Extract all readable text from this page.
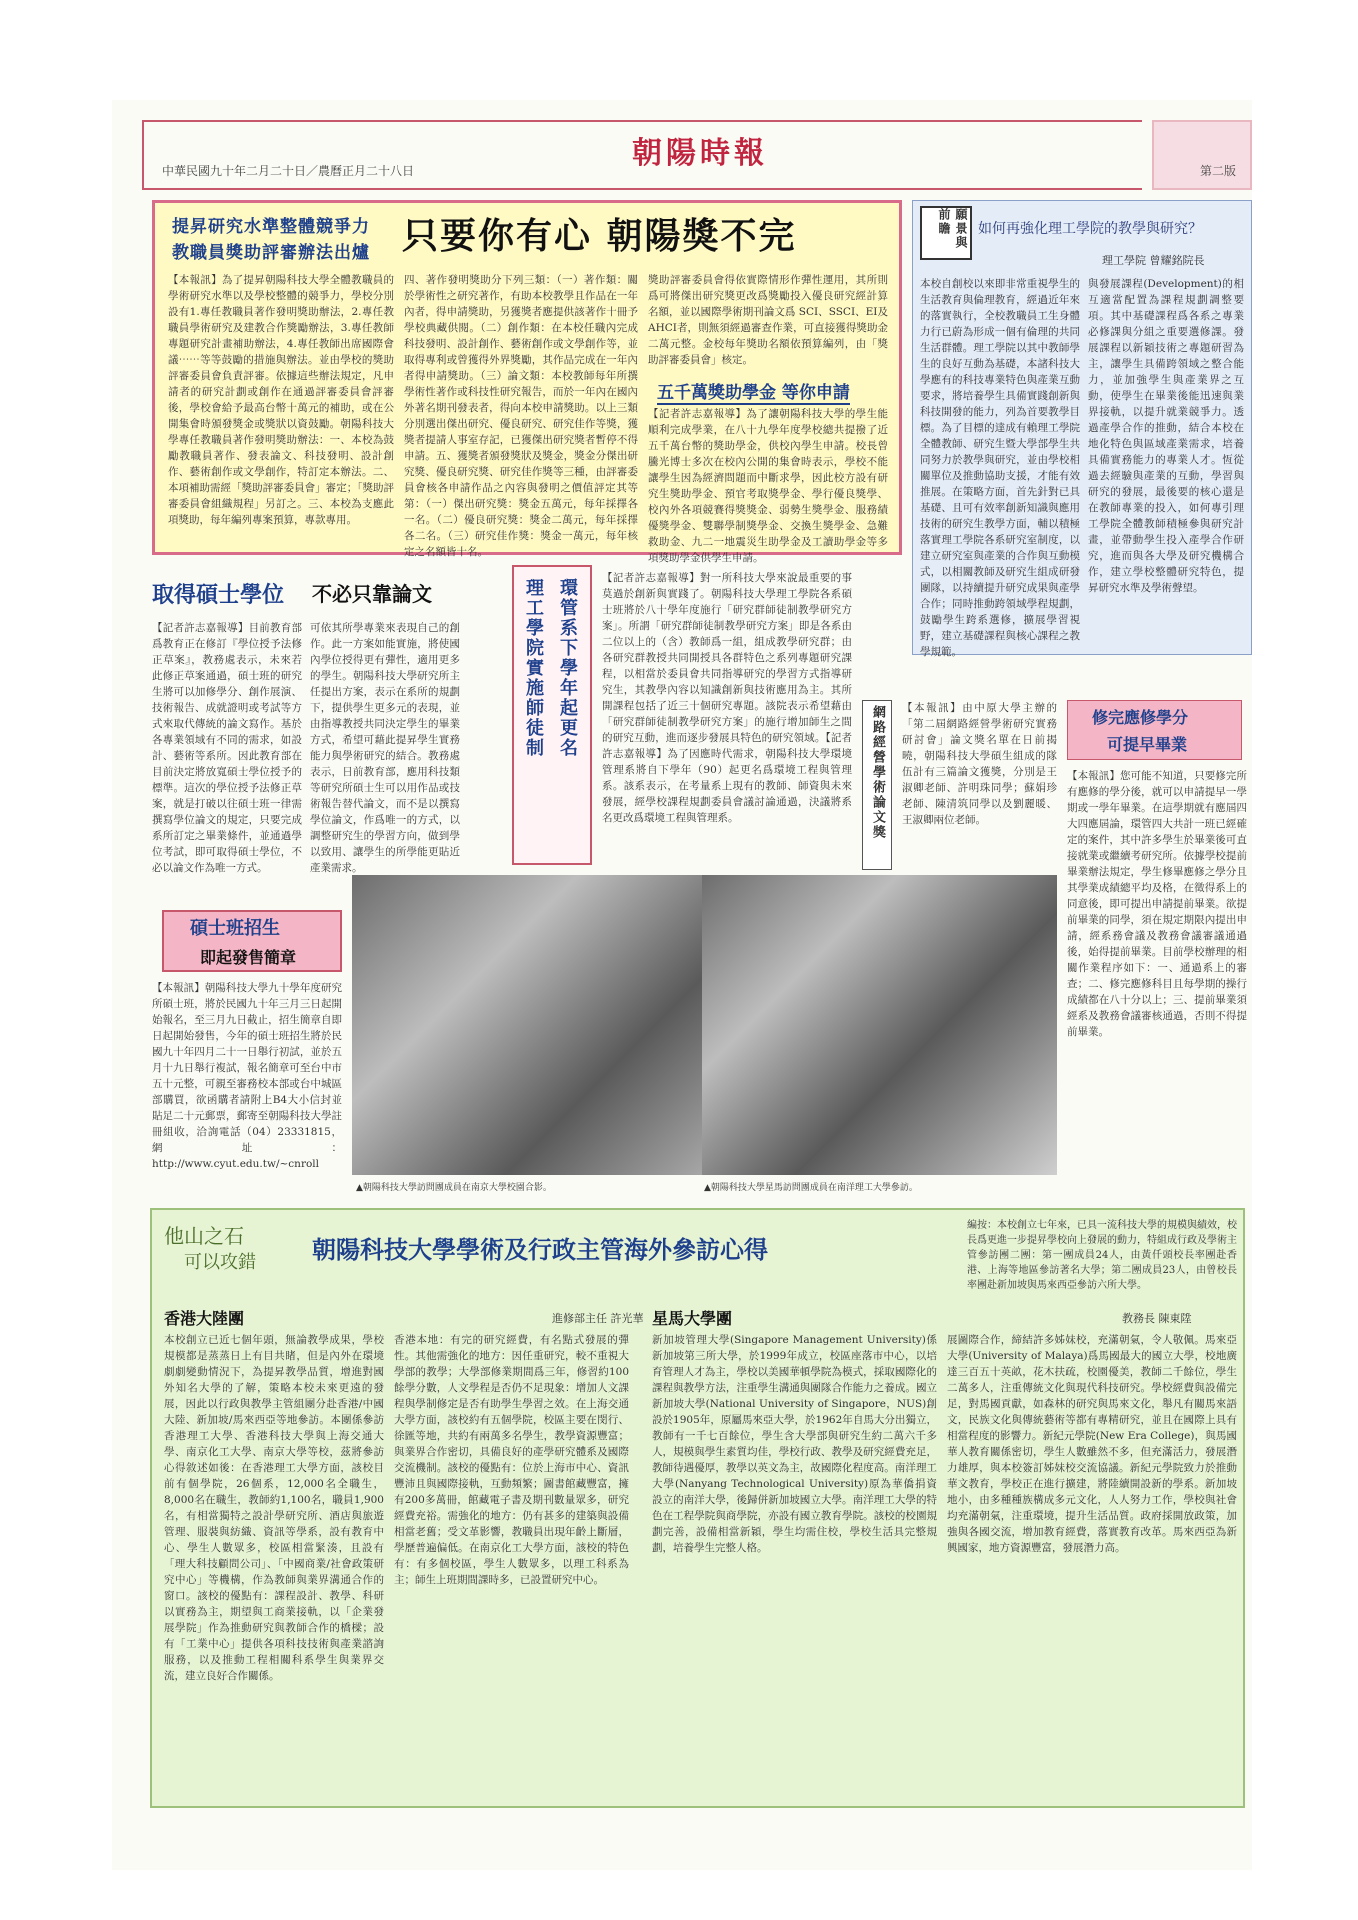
朝陽時報
中華民國九十年二月二十日／農曆正月二十八日	第二版
提昇研究水準整體競爭力
教職員獎助評審辦法出爐 只要你有心 朝陽獎不完
【本報訊】為了提昇朝陽科技大學全體教職員的學術研究水準以及學校整體的競爭力，學校分別設有1.專任教職員著作發明獎助辦法，2.專任教職員學術研究及建教合作獎勵辦法，3.專任教師專題研究計畫補助辦法，4.專任教師出席國際會議⋯⋯等等鼓勵的措施與辦法。並由學校的獎助評審委員會負責評審。依據這些辦法規定，凡申請者的研究計劃或創作在通過評審委員會評審後，學校會給予最高台幣十萬元的補助，或在公開集會時頒發獎金或獎狀以資鼓勵。朝陽科技大學專任教職員著作發明獎助辦法：一、本校為鼓勵教職員著作、發表論文、科技發明、設計創作、藝術創作或文學創作，特訂定本辦法。二、本項補助需經「獎助評審委員會」審定；「獎助評審委員會組織規程」另訂之。三、本校為支應此項獎助，每年編列專案預算，專款專用。
四、著作發明獎助分下列三類：（一）著作類：關於學術性之研究著作，有助本校教學且作品在一年內者，得申請獎助，另獲獎者應提供該著作十冊予學校典藏供閱。（二）創作類：在本校任職內完成科技發明、設計創作、藝術創作或文學創作等，並取得專利或曾獲得外界獎勵，其作品完成在一年內者得申請獎助。（三）論文類：本校教師每年所撰學術性著作或科技性研究報告，而於一年內在國內外著名期刊發表者，得向本校申請獎助。以上三類分別選出傑出研究、優良研究、研究佳作等獎，獲獎者提請人事室存記，已獲傑出研究獎者暫停不得申請。五、獲獎者頒發獎狀及獎金，獎金分傑出研究獎、優良研究獎、研究佳作獎等三種，由評審委員會核各申請作品之內容與發明之價值評定其等第：（一）傑出研究獎：獎金五萬元，每年採擇各一名。（二）優良研究獎：獎金二萬元，每年採擇各二名。（三）研究佳作獎：獎金一萬元，每年核定之名額皆十名。
獎助評審委員會得依實際情形作彈性運用，其所則爲可將傑出研究獎更改爲獎勵投入優良研究經計算名額，並以國際學術期刊論文爲 SCI、SSCI、EI及AHCI者，則無須經過審查作業，可直接獲得獎助金二萬元整。金校每年獎助名額依預算編列，由「獎助評審委員會」核定。
五千萬獎助學金 等你申請
【記者許志嘉報導】為了讓朝陽科技大學的學生能順利完成學業，在八十九學年度學校總共提撥了近五千萬台幣的獎助學金，供校內學生申請。校長曾騰光博士多次在校內公開的集會時表示，學校不能讓學生因為經濟問題而中斷求學，因此校方設有研究生獎助學金、預官考取獎學金、學行優良獎學、校內外各項競賽得獎獎金、弱勢生獎學金、服務績優獎學金、雙聯學制獎學金、交換生獎學金、急難救助金、九二一地震災生助學金及工讀助學金等多項獎助學金供學生申請。
願景與前瞻	如何再強化理工學院的教學與研究？
理工學院 曾耀銘院長
本校自創校以來即非常重視學生的生活教育與倫理教育，經過近年來的落實執行，全校教職員工生身體力行已蔚為形成一個有倫理的共同生活群體。理工學院以其中教師學生的良好互動為基礎，本諸科技大學應有的科技專業特色與產業互動要求，將培養學生具備實踐創新與科技開發的能力，列為首要教學目標。為了目標的達成有賴理工學院全體教師、研究生暨大學部學生共同努力於教學與研究，並由學校相關單位及推動協助支援，才能有效推展。在策略方面，首先針對已具基礎、且可有效率創新知識與應用技術的研究生教學方面，輔以積極落實理工學院各系研究室制度，以建立研究室與產業的合作與互動模式，以相關教師及研究生組成研發團隊，以持續提升研究成果與產學合作；同時推動跨領域學程規劃，鼓勵學生跨系選修，擴展學習視野，建立基礎課程與核心課程之教學規範。
與發展課程(Development)的相互適當配置為課程規劃調整要項。其中基礎課程爲各系之專業必修課與分組之重要選修課。發展課程以新穎技術之專題研習為主，讓學生具備跨領域之整合能力，並加強學生與產業界之互動，使學生在畢業後能迅速與業界接軌，以提升就業競爭力。透過產學合作的推動，結合本校在地化特色與區域產業需求，培養具備實務能力的專業人才。恆從過去經驗與產業的互動，學習與研究的發展，最後要的核心還是在教師專業的投入，如何專引理工學院全體教師積極參與研究計畫，並帶動學生投入產學合作研究，進而與各大學及研究機構合作，建立學校整體研究特色，提昇研究水準及學術聲望。
取得碩士學位 不必只靠論文
【記者許志嘉報導】目前教育部爲教育正在修訂『學位授予法修正草案』，教務處表示，未來若此修正草案通過，碩士班的研究生將可以加修學分、創作展演、技術報告、成就證明或考試等方式來取代傳統的論文寫作。基於各專業領域有不同的需求，如設計、藝術等系所。因此教育部在目前決定將放寬碩士學位授予的標準。這次的學位授予法修正草案，就是打破以往碩士班一律需撰寫學位論文的規定，只要完成系所訂定之畢業條件，並通過學位考試，即可取得碩士學位，不必以論文作為唯一方式。
可依其所學專業來表現自己的創作。此一方案如能實施，將使國內學位授得更有彈性，適用更多的學生。朝陽科技大學研究所主任提出方案，表示在系所的規劃下，提供學生更多元的表現，並由指導教授共同決定學生的畢業方式，希望可藉此提昇學生實務能力與學術研究的結合。教務處表示，日前教育部，應用科技類等研究所碩士生可以用作品或技術報告替代論文，而不是以撰寫學位論文，作爲唯一的方式，以調整研究生的學習方向，做到學以致用、讓學生的所學能更貼近產業需求。
環管系下學年起更名
理工學院實施師徒制	【記者許志嘉報導】對一所科技大學來說最重要的事莫過於創新與實踐了。朝陽科技大學理工學院各系碩士班將於八十學年度施行「研究群師徒制教學研究方案」。所謂「研究群師徒制教學研究方案」即是各系由二位以上的（含）教師爲一組，組成教學研究群；由各研究群教授共同開授具各群特色之系列專題研究課程，以相當於委員會共同指導研究的學習方式指導研究生，其教學內容以知識創新與技術應用為主。其所開課程包括了近三十個研究專題。該院表示希望藉由「研究群師徒制教學研究方案」的施行增加師生之間的研究互動，進而逐步發展具特色的研究領域。【記者許志嘉報導】為了因應時代需求，朝陽科技大學環境管理系將自下學年（90）起更名爲環境工程與管理系。該系表示，在考量系上現有的教師、師資與未來發展，經學校課程規劃委員會議討論通過，決議將系名更改爲環境工程與管理系。	網路經營學術論文獎 【本報訊】由中原大學主辦的「第二屆網路經營學術研究實務研討會」論文獎名單在日前揭曉，朝陽科技大學碩生組成的隊伍計有三篇論文獲獎，分別是王淑卿老師、許明珠同學；蘇娟珍老師、陳清筑同學以及劉麗暖、王淑卿兩位老師。
修完應修學分
可提早畢業
【本報訊】您可能不知道，只要修完所有應修的學分後，就可以申請提早一學期或一學年畢業。在這學期就有應屆四大四應屆論，環管四大共計一班已經確定的案件，其中許多學生於畢業後可直接就業或繼續考研究所。依據學校提前畢業辦法規定，學生修畢應修之學分且其學業成績總平均及格，在徵得系上的同意後，即可提出申請提前畢業。欲提前畢業的同學，須在規定期限內提出申請，經系務會議及教務會議審議通過後，始得提前畢業。目前學校辦理的相關作業程序如下：一、通過系上的審查；二、修完應修科目且每學期的操行成績都在八十分以上；三、提前畢業須經系及教務會議審核通過，否則不得提前畢業。
碩士班招生
即起發售簡章
【本報訊】朝陽科技大學九十學年度研究所碩士班，將於民國九十年三月三日起開始報名，至三月九日截止，招生簡章自即日起開始發售，今年的碩士班招生將於民國九十年四月二十一日舉行初試，並於五月十九日舉行複試，報名簡章可至台中市五十元整，可親至審務校本部或台中城區部購買，欲函購者請附上B4大小信封並貼足二十元郵票，郵寄至朝陽科技大學註冊組收，洽詢電話（04）23331815，網址：http://www.cyut.edu.tw/~cnroll
▲朝陽科技大學訪問團成員在南京大學校園合影。	▲朝陽科技大學星馬訪問團成員在南洋理工大學參訪。
他山之石
可以攻錯 朝陽科技大學學術及行政主管海外參訪心得
編按：本校創立七年來，已具一流科技大學的規模與績效，校長爲更進一步提昇學校向上發展的動力，特組成行政及學術主管參訪團二團：第一團成員24人，由黃仟頭校長率團赴香港、上海等地區參訪著名大學；第二團成員23人，由曾校長率團赴新加坡與馬來西亞參訪六所大學。
香港大陸團	進修部主任 許光華
本校創立已近七個年頭，無論教學成果，學校規模都是蒸蒸日上有目共睹，但是內外在環境劇劇變動情況下，為提昇教學品質，增進對國外知名大學的了解，策略本校未來更遠的發展，因此以行政與教學主管組團分赴香港/中國大陸、新加坡/馬來西亞等地參訪。本團係參訪香港理工大學、香港科技大學與上海交通大學、南京化工大學、南京大學等校，茲將參訪心得敘述如後：在香港理工大學方面，該校目前有個學院，26個系，12,000名全職生，8,000名在職生，教師約1,100名，職員1,900名，有相當獨特之設計學研究所、酒店與旅遊管理、服裝與紡織、資訊等學系，設有教育中心、學生人數眾多，校區相當緊湊，且設有「理大科技顧問公司」、「中國商業/社會政策研究中心」等機構，作為教師與業界溝通合作的窗口。該校的優點有：課程設計、教學、科研以實務為主，期望與工商業接軌，以「企業發展學院」作為推動研究與教師合作的橋樑；設有「工業中心」提供各項科技技術與產業諮詢服務，以及推動工程相關科系學生與業界交流，建立良好合作關係。
香港本地：有完的研究經費，有名點式發展的彈性。其他需強化的地方：因任重研究，較不重視大學部的教學；大學部修業期間爲三年，修習約100餘學分數，人文學程是否仍不足現象：增加人文課程與學制修定是否有助學生學習之效。在上海交通大學方面，該校約有五個學院，校區主要在閔行、徐匯等地，共約有兩萬多名學生，教學資源豐富；與業界合作密切，具備良好的產學研究體系及國際交流機制。該校的優點有：位於上海市中心、資訊豐沛且與國際接軌，互動頻繁；圖書館藏豐富，擁有200多萬冊，館藏電子書及期刊數量眾多，研究經費充裕。需強化的地方：仍有甚多的建築與設備相當老舊；受文革影響，教職員出現年齡上斷層，學歷普遍偏低。在南京化工大學方面，該校的特色有：有多個校區，學生人數眾多，以理工科系為主；師生上班期間課時多，已設置研究中心。
星馬大學團	教務長 陳東陞
新加坡管理大學(Singapore Management University)係新加坡第三所大學，於1999年成立，校區座落市中心，以培育管理人才為主，學校以美國華頓學院為模式，採取國際化的課程與教學方法，注重學生溝通與團隊合作能力之養成。國立新加坡大學(National University of Singapore，NUS)創設於1905年，原屬馬來亞大學，於1962年自馬大分出獨立，教師有一千七百餘位，學生含大學部與研究生約二萬六千多人，規模與學生素質均佳，學校行政、教學及研究經費充足，教師待遇優厚，教學以英文為主，故國際化程度高。南洋理工大學(Nanyang Technological University)原為華僑捐資設立的南洋大學，後歸併新加坡國立大學。南洋理工大學的特色在工程學院與商學院，亦設有國立教育學院。該校的校園規劃完善，設備相當新穎，學生均需住校，學校生活具完整規劃，培養學生完整人格。
展圖際合作，締結許多姊妹校，充滿朝氣，令人敬佩。馬來亞大學(University of Malaya)爲馬國最大的國立大學，校地廣達三百五十英畝，花木扶疏，校園優美，教師二千餘位，學生二萬多人，注重傳統文化與現代科技研究。學校經費與設備完足，對馬國貢獻，如森林的研究與馬來文化，舉凡有關馬來語文，民族文化與傳統藝術等都有專精研究，並且在國際上具有相當程度的影響力。新紀元學院(New Era College)，與馬國華人教育關係密切，學生人數雖然不多，但充滿活力，發展潛力雄厚，與本校簽訂姊妹校交流協議。新紀元學院致力於推動華文教育，學校正在進行擴建，將陸續開設新的學系。新加坡地小，由多種種族構成多元文化，人人努力工作，學校與社會均充滿朝氣，注重環境，提升生活品質。政府採開放政策，加強與各國交流，增加教育經費，落實教育改革。馬來西亞為新興國家，地方資源豐富，發展潛力高。
